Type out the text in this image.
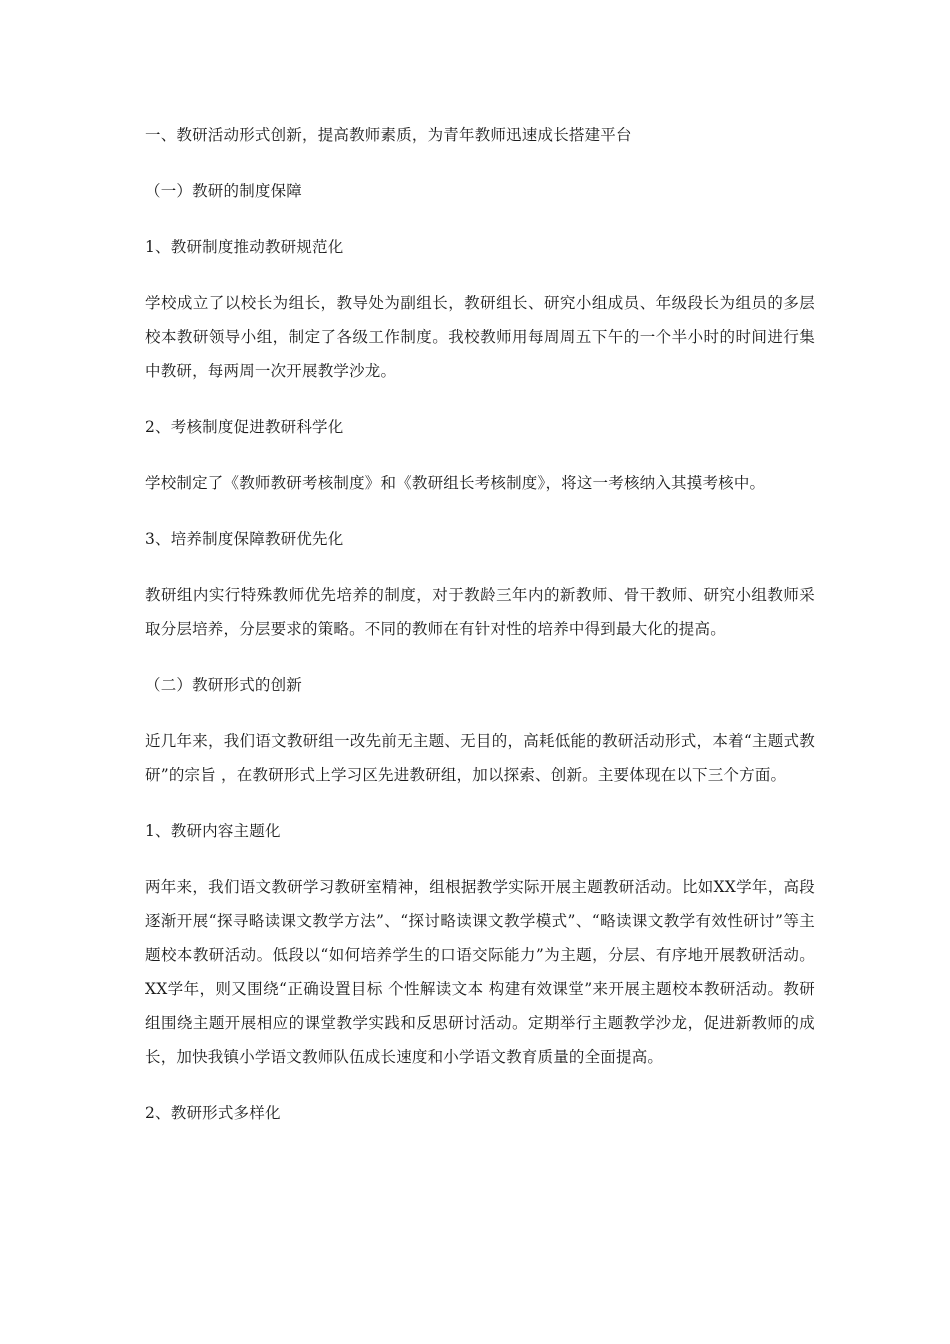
一、教研活动形式创新，提高教师素质，为青年教师迅速成长搭建平台

（一）教研的制度保障

1、教研制度推动教研规范化

学校成立了以校长为组长，教导处为副组长，教研组长、研究小组成员、年级段长为组员的多层校本教研领导小组，制定了各级工作制度。我校教师用每周周五下午的一个半小时的时间进行集中教研，每两周一次开展教学沙龙。

2、考核制度促进教研科学化

学校制定了《教师教研考核制度》和《教研组长考核制度》，将这一考核纳入其摸考核中。

3、培养制度保障教研优先化

教研组内实行特殊教师优先培养的制度，对于教龄三年内的新教师、骨干教师、研究小组教师采取分层培养，分层要求的策略。不同的教师在有针对性的培养中得到最大化的提高。

（二）教研形式的创新

近几年来，我们语文教研组一改先前无主题、无目的，高耗低能的教研活动形式，本着“主题式教研”的宗旨 ，在教研形式上学习区先进教研组，加以探索、创新。主要体现在以下三个方面。

1、教研内容主题化

两年来，我们语文教研学习教研室精神，组根据教学实际开展主题教研活动。比如XX学年，高段逐渐开展“探寻略读课文教学方法”、“探讨略读课文教学模式”、“略读课文教学有效性研讨”等主题校本教研活动。低段以“如何培养学生的口语交际能力”为主题，分层、有序地开展教研活动。XX学年，则又围绕“正确设置目标 个性解读文本 构建有效课堂”来开展主题校本教研活动。教研组围绕主题开展相应的课堂教学实践和反思研讨活动。定期举行主题教学沙龙，促进新教师的成长，加快我镇小学语文教师队伍成长速度和小学语文教育质量的全面提高。

2、教研形式多样化
